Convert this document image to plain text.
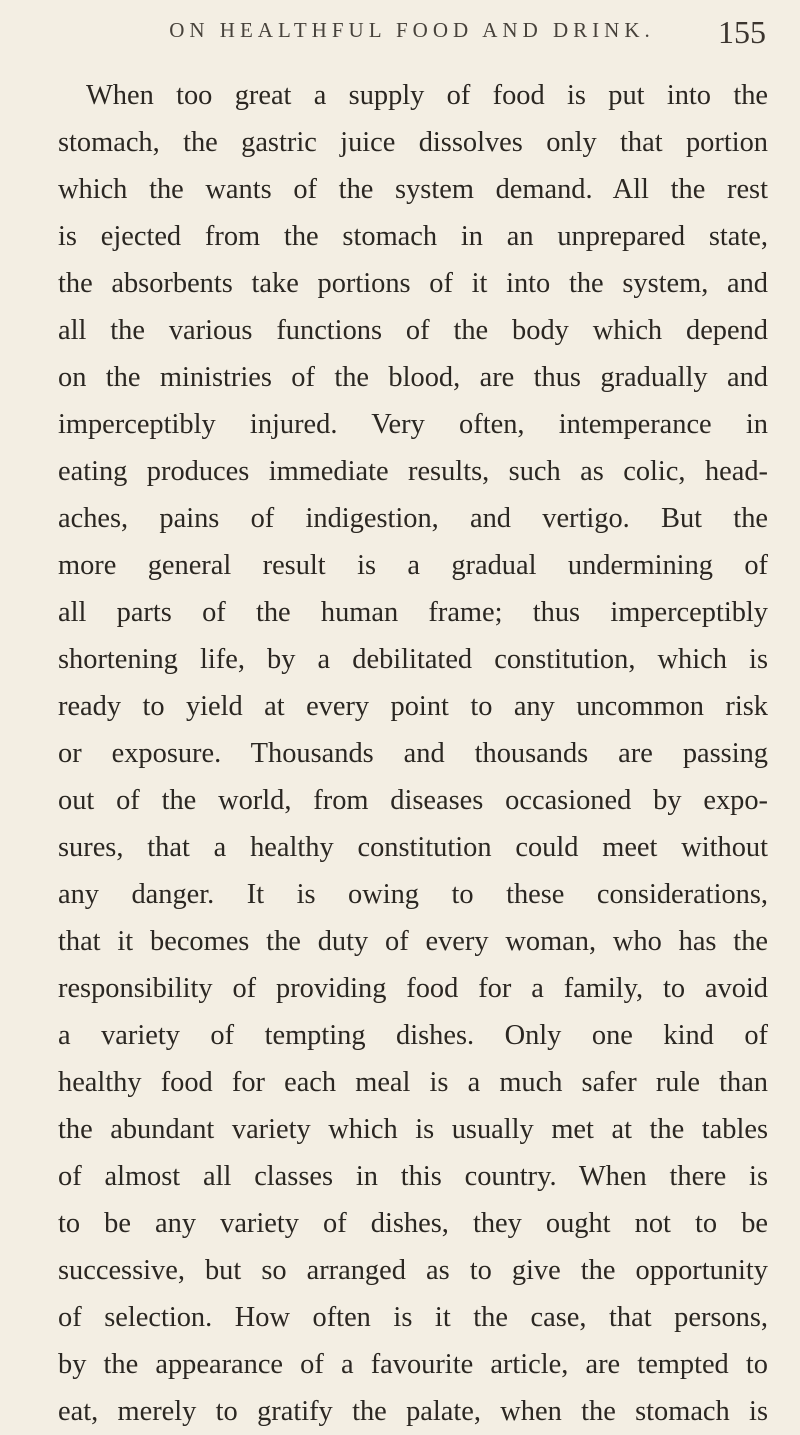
ON HEALTHFUL FOOD AND DRINK.	155
When too great a supply of food is put into the
stomach, the gastric juice dissolves only that portion
which the wants of the system demand. All the rest
is ejected from the stomach in an unprepared state,
the absorbents take portions of it into the system, and
all the various functions of the body which depend
on the ministries of the blood, are thus gradually and
imperceptibly injured. Very often, intemperance in
eating produces immediate results, such as colic, head-
aches, pains of indigestion, and vertigo. But the
more general result is a gradual undermining of
all parts of the human frame; thus imperceptibly
shortening life, by a debilitated constitution, which is
ready to yield at every point to any uncommon risk
or exposure. Thousands and thousands are passing
out of the world, from diseases occasioned by expo-
sures, that a healthy constitution could meet without
any danger. It is owing to these considerations,
that it becomes the duty of every woman, who has the
responsibility of providing food for a family, to avoid
a variety of tempting dishes. Only one kind of
healthy food for each meal is a much safer rule than
the abundant variety which is usually met at the tables
of almost all classes in this country. When there is
to be any variety of dishes, they ought not to be
successive, but so arranged as to give the opportunity
of selection. How often is it the case, that persons,
by the appearance of a favourite article, are tempted to
eat, merely to gratify the palate, when the stomach is
